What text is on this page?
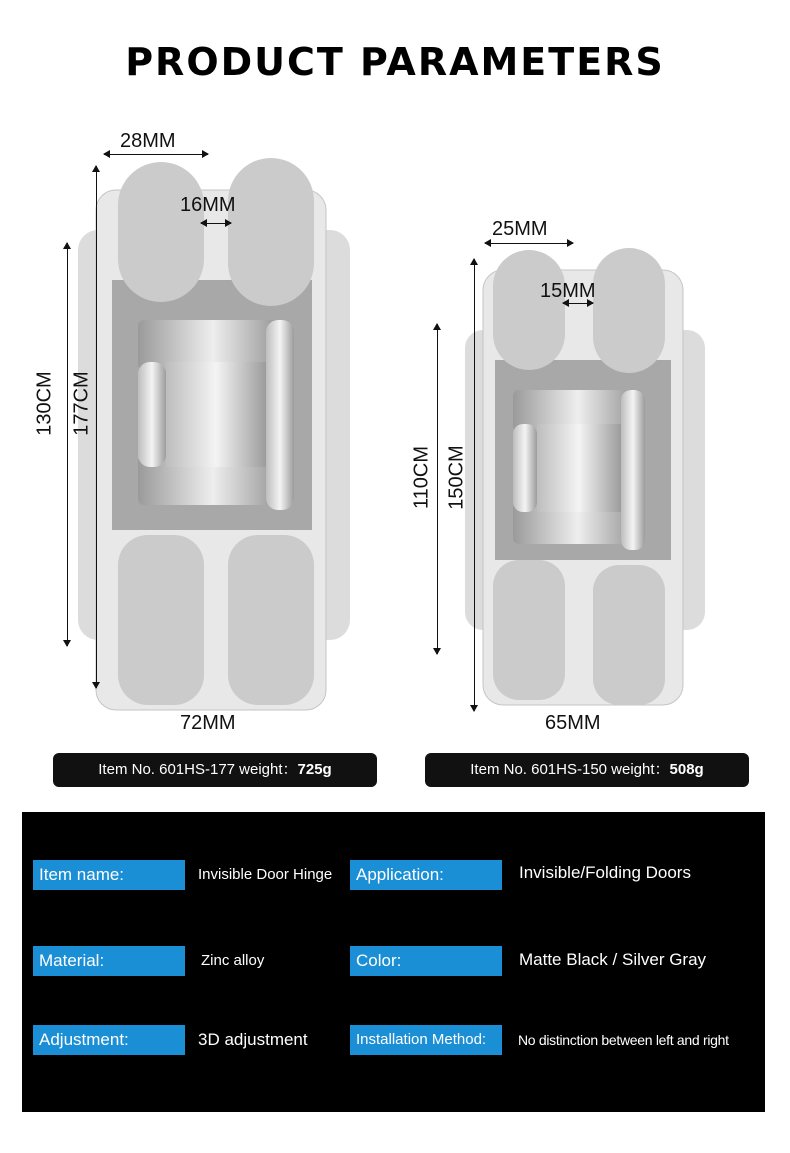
PRODUCT PARAMETERS
28MM
16MM
130CM 177CM
72MM
Item No. 601HS-177 weight：725g
25MM
15MM
110CM 150CM
65MM
Item No. 601HS-150 weight：508g
Item name:	Invisible Door Hinge	Application:	Invisible/Folding Doors
Material:	Zinc alloy	Color:	Matte Black / Silver Gray
Adjustment:	3D adjustment	Installation Method:	No distinction between left and right
